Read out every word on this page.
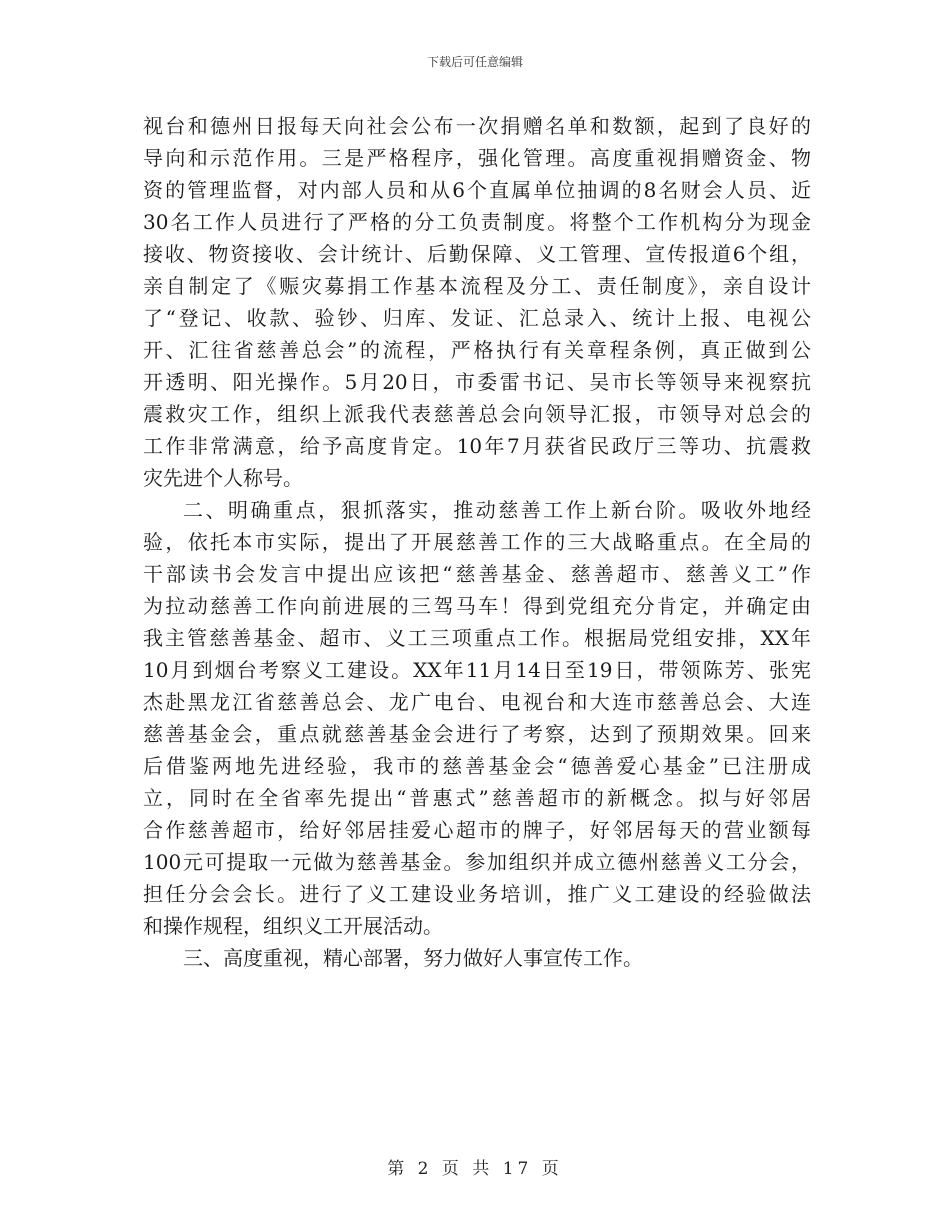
下载后可任意编辑
视台和德州日报每天向社会公布一次捐赠名单和数额，起到了良好的
导向和示范作用。三是严格程序，强化管理。高度重视捐赠资金、物
资的管理监督，对内部人员和从6个直属单位抽调的8名财会人员、近
30名工作人员进行了严格的分工负责制度。将整个工作机构分为现金
接收、物资接收、会计统计、后勤保障、义工管理、宣传报道6个组，
亲自制定了《赈灾募捐工作基本流程及分工、责任制度》，亲自设计
了“登记、收款、验钞、归库、发证、汇总录入、统计上报、电视公
开、汇往省慈善总会”的流程，严格执行有关章程条例，真正做到公
开透明、阳光操作。5月20日，市委雷书记、吴市长等领导来视察抗
震救灾工作，组织上派我代表慈善总会向领导汇报，市领导对总会的
工作非常满意，给予高度肯定。10年7月获省民政厅三等功、抗震救
灾先进个人称号。
二、明确重点，狠抓落实，推动慈善工作上新台阶。吸收外地经
验，依托本市实际，提出了开展慈善工作的三大战略重点。在全局的
干部读书会发言中提出应该把“慈善基金、慈善超市、慈善义工”作
为拉动慈善工作向前进展的三驾马车！得到党组充分肯定，并确定由
我主管慈善基金、超市、义工三项重点工作。根据局党组安排，XX年
10月到烟台考察义工建设。XX年11月14日至19日，带领陈芳、张宪
杰赴黑龙江省慈善总会、龙广电台、电视台和大连市慈善总会、大连
慈善基金会，重点就慈善基金会进行了考察，达到了预期效果。回来
后借鉴两地先进经验，我市的慈善基金会“德善爱心基金”已注册成
立，同时在全省率先提出“普惠式”慈善超市的新概念。拟与好邻居
合作慈善超市，给好邻居挂爱心超市的牌子，好邻居每天的营业额每
100元可提取一元做为慈善基金。参加组织并成立德州慈善义工分会，
担任分会会长。进行了义工建设业务培训，推广义工建设的经验做法
和操作规程，组织义工开展活动。
三、高度重视，精心部署，努力做好人事宣传工作。
第 2 页 共 17 页
